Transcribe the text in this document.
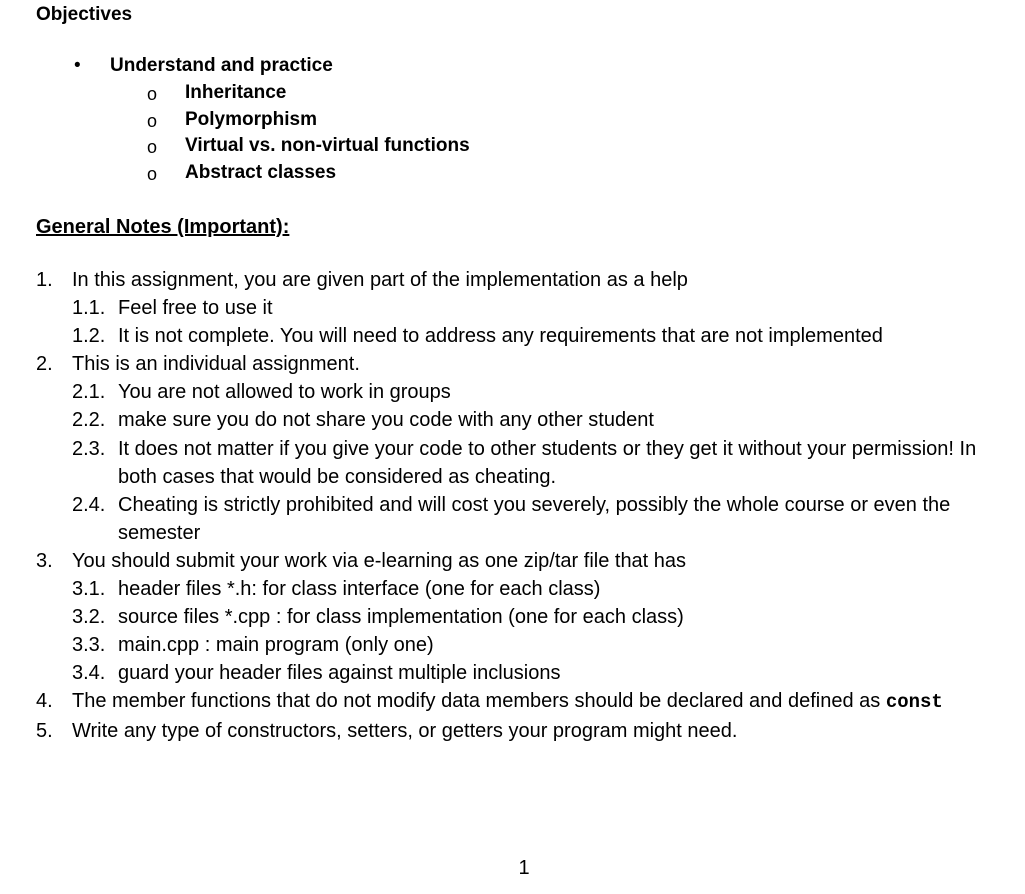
Objectives
• Understand and practice
o Inheritance
o Polymorphism
o Virtual vs. non-virtual functions
o Abstract classes
General Notes (Important):
1. In this assignment, you are given part of the implementation as a help
1.1. Feel free to use it
1.2. It is not complete. You will need to address any requirements that are not implemented
2. This is an individual assignment.
2.1. You are not allowed to work in groups
2.2. make sure you do not share you code with any other student
2.3. It does not matter if you give your code to other students or they get it without your permission! In both cases that would be considered as cheating.
2.4. Cheating is strictly prohibited and will cost you severely, possibly the whole course or even the semester
3. You should submit your work via e-learning as one zip/tar file that has
3.1. header files *.h: for class interface (one for each class)
3.2. source files *.cpp : for class implementation (one for each class)
3.3. main.cpp : main program (only one)
3.4. guard your header files against multiple inclusions
4. The member functions that do not modify data members should be declared and defined as const
5. Write any type of constructors, setters, or getters your program might need.
1
